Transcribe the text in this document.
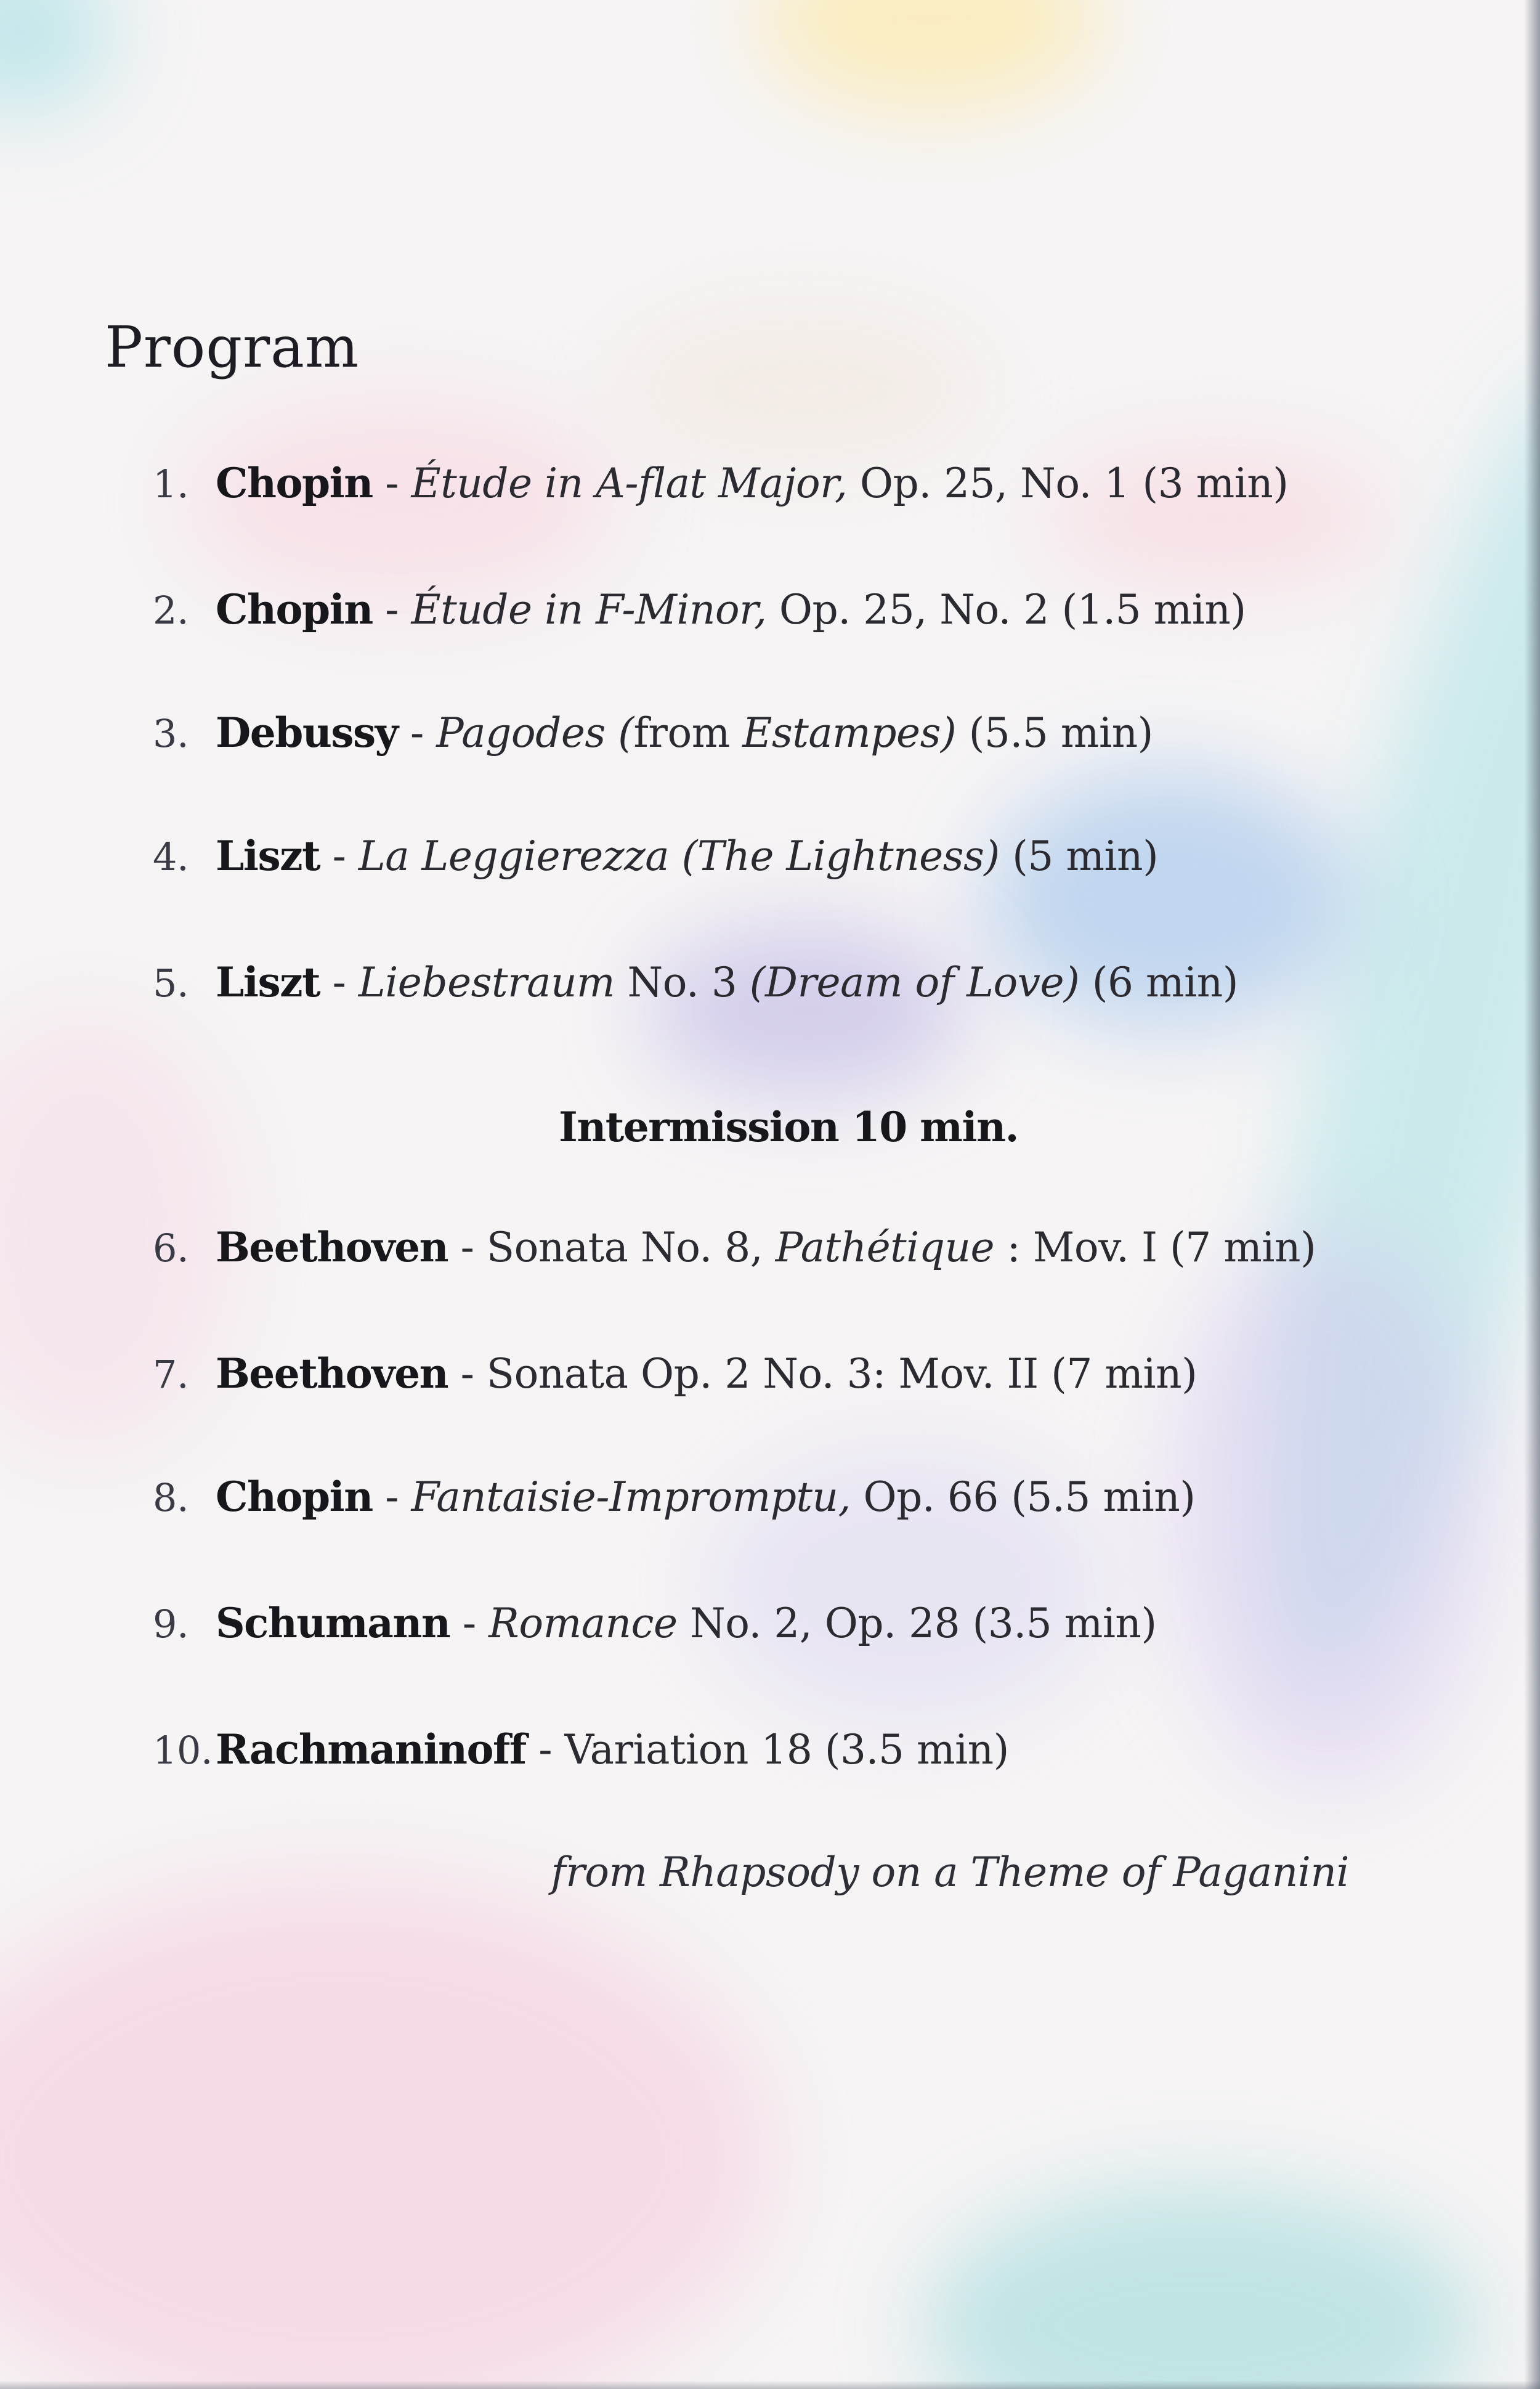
Program
1. Chopin - Étude in A-flat Major, Op. 25, No. 1 (3 min)
2. Chopin - Étude in F-Minor, Op. 25, No. 2 (1.5 min)
3. Debussy - Pagodes (from Estampes) (5.5 min)
4. Liszt - La Leggierezza (The Lightness) (5 min)
5. Liszt - Liebestraum No. 3 (Dream of Love) (6 min)
6. Beethoven - Sonata No. 8, Pathétique : Mov. I (7 min)
7. Beethoven - Sonata Op. 2 No. 3: Mov. II (7 min)
8. Chopin - Fantaisie-Impromptu, Op. 66 (5.5 min)
9. Schumann - Romance No. 2, Op. 28 (3.5 min)
10.Rachmaninoff - Variation 18 (3.5 min)
Intermission 10 min.
from Rhapsody on a Theme of Paganini
